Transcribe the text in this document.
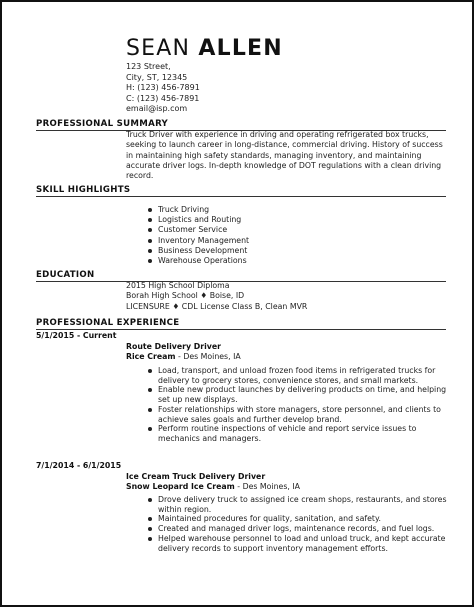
SEAN ALLEN
123 Street,
City, ST, 12345
H: (123) 456-7891
C: (123) 456-7891
email@isp.com
PROFESSIONAL SUMMARY
Truck Driver with experience in driving and operating refrigerated box trucks, seeking to launch career in long-distance, commercial driving. History of success in maintaining high safety standards, managing inventory, and maintaining accurate driver logs. In-depth knowledge of DOT regulations with a clean driving record.
SKILL HIGHLIGHTS
Truck Driving
Logistics and Routing
Customer Service
Inventory Management
Business Development
Warehouse Operations
EDUCATION
2015 High School Diploma
Borah High School ♦ Boise, ID
LICENSURE ♦ CDL License Class B, Clean MVR
PROFESSIONAL EXPERIENCE
5/1/2015 - Current
Route Delivery Driver
Rice Cream - Des Moines, IA
Load, transport, and unload frozen food items in refrigerated trucks for delivery to grocery stores, convenience stores, and small markets.
Enable new product launches by delivering products on time, and helping set up new displays.
Foster relationships with store managers, store personnel, and clients to achieve sales goals and further develop brand.
Perform routine inspections of vehicle and report service issues to mechanics and managers.
7/1/2014 - 6/1/2015
Ice Cream Truck Delivery Driver
Snow Leopard Ice Cream - Des Moines, IA
Drove delivery truck to assigned ice cream shops, restaurants, and stores within region.
Maintained procedures for quality, sanitation, and safety.
Created and managed driver logs, maintenance records, and fuel logs.
Helped warehouse personnel to load and unload truck, and kept accurate delivery records to support inventory management efforts.
